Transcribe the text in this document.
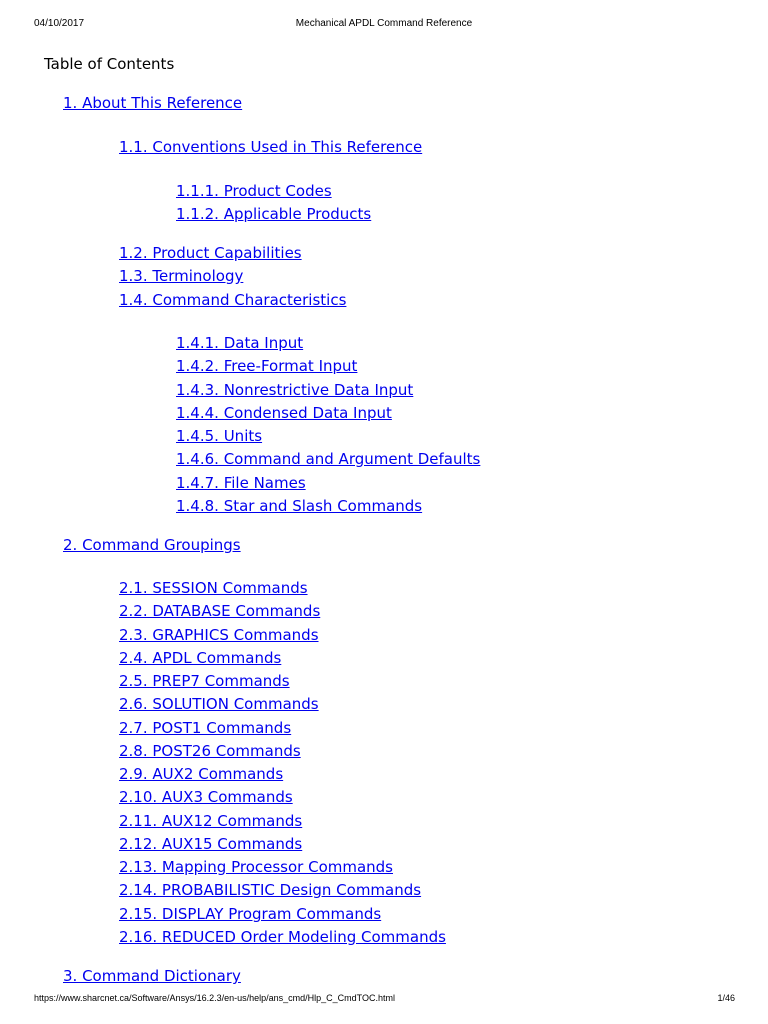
04/10/2017	Mechanical APDL Command Reference
Table of Contents
1. About This Reference
1.1. Conventions Used in This Reference
1.1.1. Product Codes
1.1.2. Applicable Products
1.2. Product Capabilities
1.3. Terminology
1.4. Command Characteristics
1.4.1. Data Input
1.4.2. Free-Format Input
1.4.3. Nonrestrictive Data Input
1.4.4. Condensed Data Input
1.4.5. Units
1.4.6. Command and Argument Defaults
1.4.7. File Names
1.4.8. Star and Slash Commands
2. Command Groupings
2.1. SESSION Commands
2.2. DATABASE Commands
2.3. GRAPHICS Commands
2.4. APDL Commands
2.5. PREP7 Commands
2.6. SOLUTION Commands
2.7. POST1 Commands
2.8. POST26 Commands
2.9. AUX2 Commands
2.10. AUX3 Commands
2.11. AUX12 Commands
2.12. AUX15 Commands
2.13. Mapping Processor Commands
2.14. PROBABILISTIC Design Commands
2.15. DISPLAY Program Commands
2.16. REDUCED Order Modeling Commands
3. Command Dictionary
https://www.sharcnet.ca/Software/Ansys/16.2.3/en-us/help/ans_cmd/Hlp_C_CmdTOC.html	1/46
